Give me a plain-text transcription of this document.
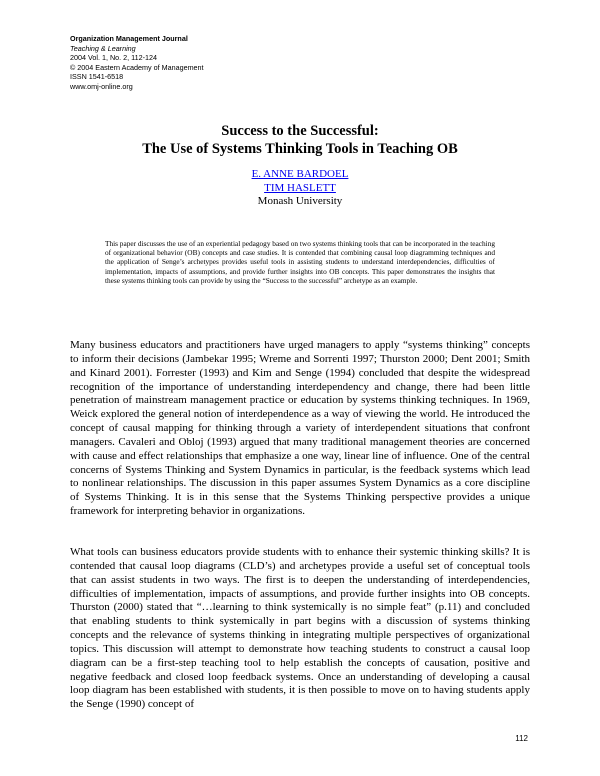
Organization Management Journal
Teaching & Learning
2004 Vol. 1, No. 2, 112-124
© 2004 Eastern Academy of Management
ISSN 1541-6518
www.omj-online.org
Success to the Successful:
The Use of Systems Thinking Tools in Teaching OB
E. ANNE BARDOEL
TIM HASLETT
Monash University
This paper discusses the use of an experiential pedagogy based on two systems thinking tools that can be incorporated in the teaching of organizational behavior (OB) concepts and case studies. It is contended that combining causal loop diagramming techniques and the application of Senge’s archetypes provides useful tools in assisting students to understand interdependencies, difficulties of implementation, impacts of assumptions, and provide further insights into OB concepts. This paper demonstrates the insights that these systems thinking tools can provide by using the “Success to the successful” archetype as an example.
Many business educators and practitioners have urged managers to apply “systems thinking” concepts to inform their decisions (Jambekar 1995; Wreme and Sorrenti 1997; Thurston 2000; Dent 2001; Smith and Kinard 2001). Forrester (1993) and Kim and Senge (1994) concluded that despite the widespread recognition of the importance of understanding interdependency and change, there had been little penetration of mainstream management practice or education by systems thinking techniques. In 1969, Weick explored the general notion of interdependence as a way of viewing the world. He introduced the concept of causal mapping for thinking through a variety of interdependent situations that confront managers. Cavaleri and Obloj (1993) argued that many traditional management theories are concerned with cause and effect relationships that emphasize a one way, linear line of influence. One of the central concerns of Systems Thinking and System Dynamics in particular, is the feedback systems which lead to nonlinear relationships. The discussion in this paper assumes System Dynamics as a core discipline of Systems Thinking. It is in this sense that the Systems Thinking perspective provides a unique framework for interpreting behavior in organizations.
What tools can business educators provide students with to enhance their systemic thinking skills? It is contended that causal loop diagrams (CLD’s) and archetypes provide a useful set of conceptual tools that can assist students in two ways. The first is to deepen the understanding of interdependencies, difficulties of implementation, impacts of assumptions, and provide further insights into OB concepts. Thurston (2000) stated that “…learning to think systemically is no simple feat” (p.11) and concluded that enabling students to think systemically in part begins with a discussion of systems thinking concepts and the relevance of systems thinking in integrating multiple perspectives of organizational topics. This discussion will attempt to demonstrate how teaching students to construct a causal loop diagram can be a first-step teaching tool to help establish the concepts of causation, positive and negative feedback and closed loop feedback systems. Once an understanding of developing a causal loop diagram has been established with students, it is then possible to move on to having students apply the Senge (1990) concept of
112
